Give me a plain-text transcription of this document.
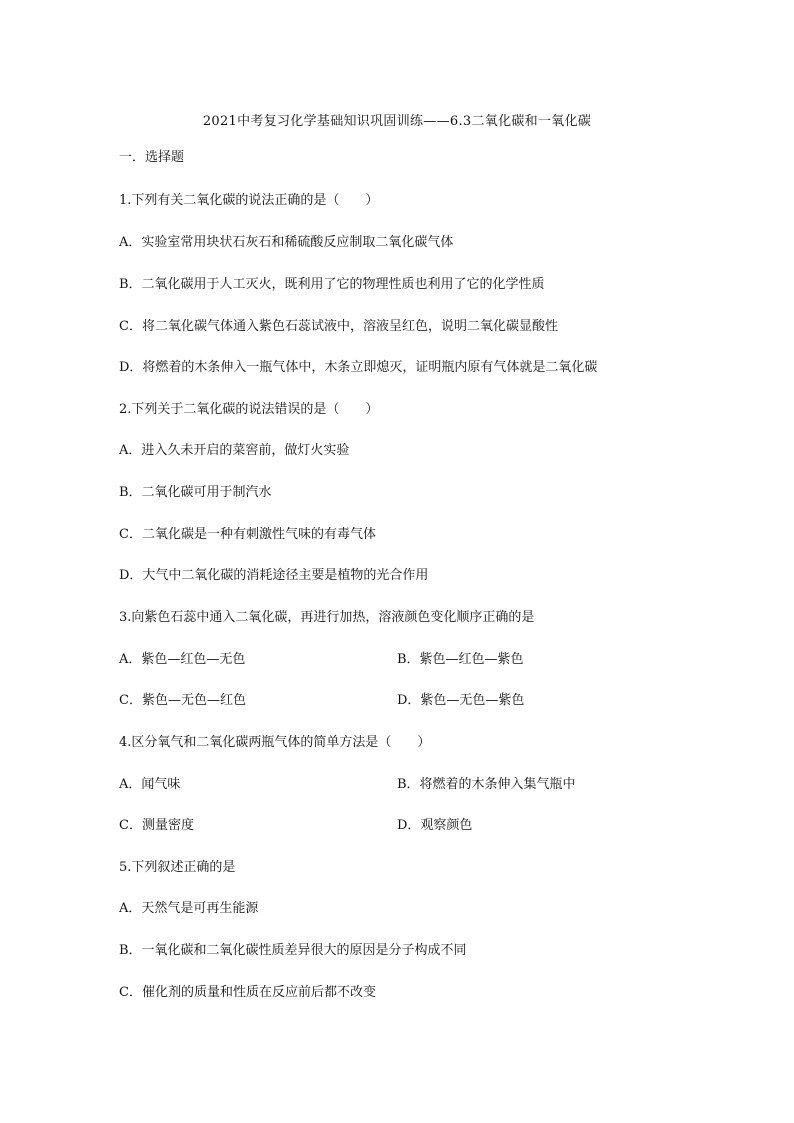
2021中考复习化学基础知识巩固训练——6.3二氧化碳和一氧化碳
一．选择题
1.下列有关二氧化碳的说法正确的是（　　）
A．实验室常用块状石灰石和稀硫酸反应制取二氧化碳气体
B．二氧化碳用于人工灭火，既利用了它的物理性质也利用了它的化学性质
C．将二氧化碳气体通入紫色石蕊试液中，溶液呈红色，说明二氧化碳显酸性
D．将燃着的木条伸入一瓶气体中，木条立即熄灭，证明瓶内原有气体就是二氧化碳
2.下列关于二氧化碳的说法错误的是（　　）
A．进入久未开启的菜窖前，做灯火实验
B．二氧化碳可用于制汽水
C．二氧化碳是一种有刺激性气味的有毒气体
D．大气中二氧化碳的消耗途径主要是植物的光合作用
3.向紫色石蕊中通入二氧化碳，再进行加热，溶液颜色变化顺序正确的是
A．紫色—红色—无色	B．紫色—红色—紫色
C．紫色—无色—红色	D．紫色—无色—紫色
4.区分氧气和二氧化碳两瓶气体的简单方法是（　　）
A．闻气味	B．将燃着的木条伸入集气瓶中
C．测量密度	D．观察颜色
5.下列叙述正确的是
A．天然气是可再生能源
B．一氧化碳和二氧化碳性质差异很大的原因是分子构成不同
C．催化剂的质量和性质在反应前后都不改变
